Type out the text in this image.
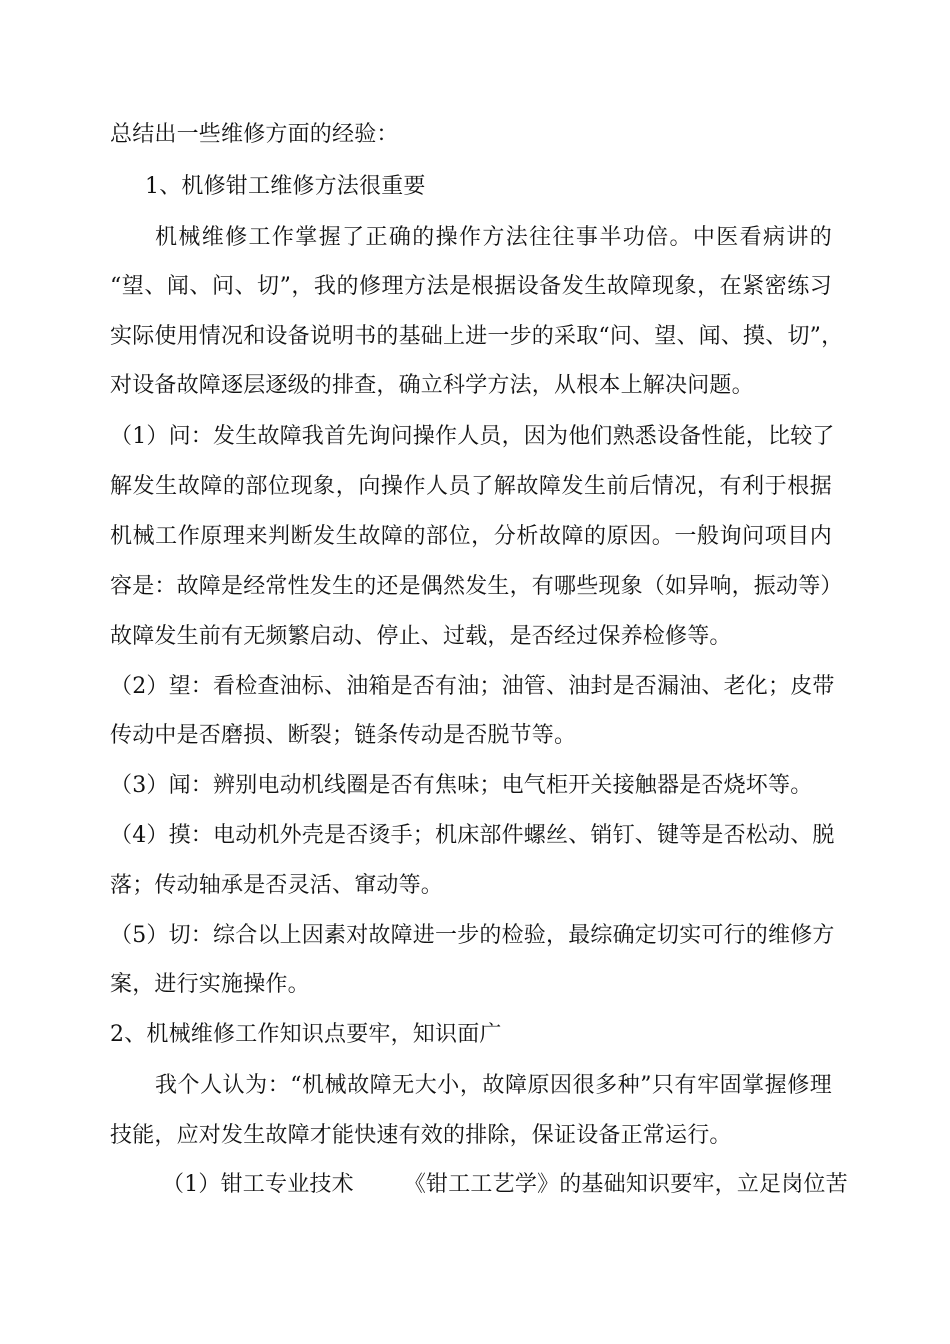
总结出一些维修方面的经验：
1、机修钳工维修方法很重要
机械维修工作掌握了正确的操作方法往往事半功倍。中医看病讲的
“望、闻、问、切”，我的修理方法是根据设备发生故障现象，在紧密练习
实际使用情况和设备说明书的基础上进一步的采取“问、望、闻、摸、切”，
对设备故障逐层逐级的排查，确立科学方法，从根本上解决问题。
（1）问：发生故障我首先询问操作人员，因为他们熟悉设备性能，比较了
解发生故障的部位现象，向操作人员了解故障发生前后情况，有利于根据
机械工作原理来判断发生故障的部位，分析故障的原因。一般询问项目内
容是：故障是经常性发生的还是偶然发生，有哪些现象（如异响，振动等）
故障发生前有无频繁启动、停止、过载，是否经过保养检修等。
（2）望：看检查油标、油箱是否有油；油管、油封是否漏油、老化；皮带
传动中是否磨损、断裂；链条传动是否脱节等。
（3）闻：辨别电动机线圈是否有焦味；电气柜开关接触器是否烧坏等。
（4）摸：电动机外壳是否烫手；机床部件螺丝、销钉、键等是否松动、脱
落；传动轴承是否灵活、窜动等。
（5）切：综合以上因素对故障进一步的检验，最综确定切实可行的维修方
案，进行实施操作。
2、机械维修工作知识点要牢，知识面广
我个人认为：“机械故障无大小，故障原因很多种”只有牢固掌握修理
技能，应对发生故障才能快速有效的排除，保证设备正常运行。
（1）钳工专业技术 《钳工工艺学》的基础知识要牢，立足岗位苦
